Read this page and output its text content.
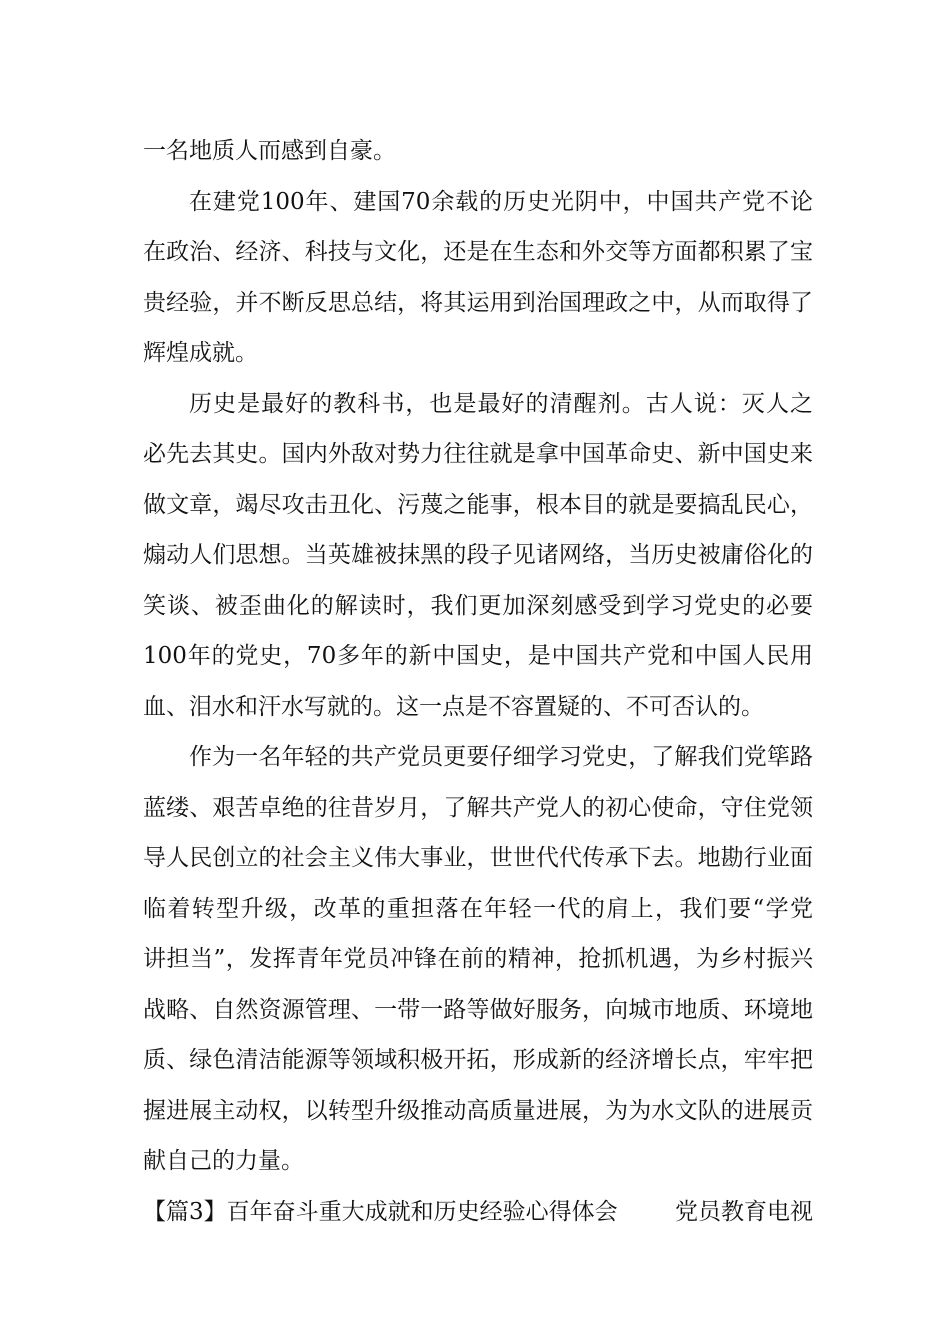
一名地质人而感到自豪。
在建党100年、建国70余载的历史光阴中，中国共产党不论
在政治、经济、科技与文化，还是在生态和外交等方面都积累了宝
贵经验，并不断反思总结，将其运用到治国理政之中，从而取得了
辉煌成就。
历史是最好的教科书，也是最好的清醒剂。古人说：灭人之
必先去其史。国内外敌对势力往往就是拿中国革命史、新中国史来
做文章，竭尽攻击丑化、污蔑之能事，根本目的就是要搞乱民心，
煽动人们思想。当英雄被抹黑的段子见诸网络，当历史被庸俗化的
笑谈、被歪曲化的解读时，我们更加深刻感受到学习党史的必要
100年的党史，70多年的新中国史，是中国共产党和中国人民用
血、泪水和汗水写就的。这一点是不容置疑的、不可否认的。
作为一名年轻的共产党员更要仔细学习党史，了解我们党筚路
蓝缕、艰苦卓绝的往昔岁月，了解共产党人的初心使命，守住党领
导人民创立的社会主义伟大事业，世世代代传承下去。地勘行业面
临着转型升级，改革的重担落在年轻一代的肩上，我们要“学党
讲担当”，发挥青年党员冲锋在前的精神，抢抓机遇，为乡村振兴
战略、自然资源管理、一带一路等做好服务，向城市地质、环境地
质、绿色清洁能源等领域积极开拓，形成新的经济增长点，牢牢把
握进展主动权，以转型升级推动高质量进展，为为水文队的进展贡
献自己的力量。
【篇3】百年奋斗重大成就和历史经验心得体会 党员教育电视
